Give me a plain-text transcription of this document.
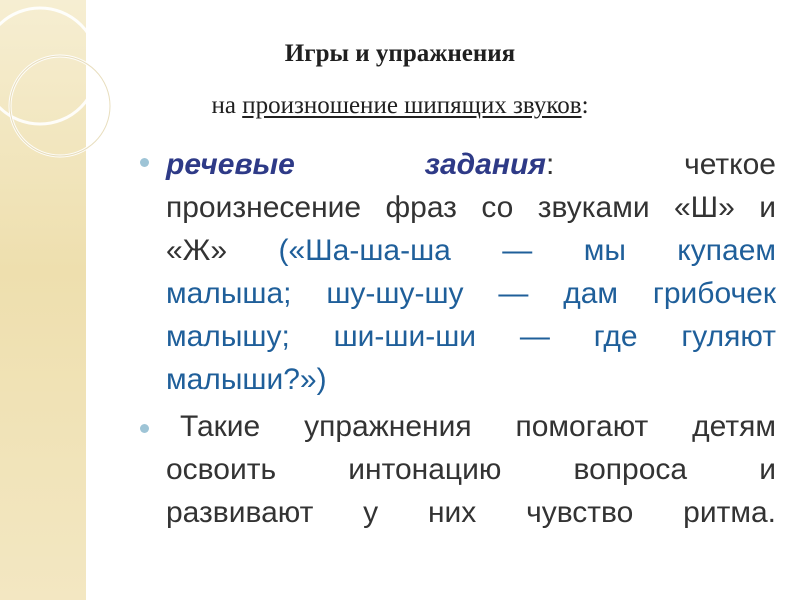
Игры и упражнения
на произношение шипящих звуков:
речевые	задания:	четкое
произнесение фраз со звуками «Ш» и
«Ж» («Ша-ша-ша — мы купаем
малыша; шу-шу-шу — дам грибочек
малышу; ши-ши-ши — где гуляют
малыши?»)
Такие упражнения помогают детям
освоить интонацию вопроса и
развивают у них чувство ритма.
